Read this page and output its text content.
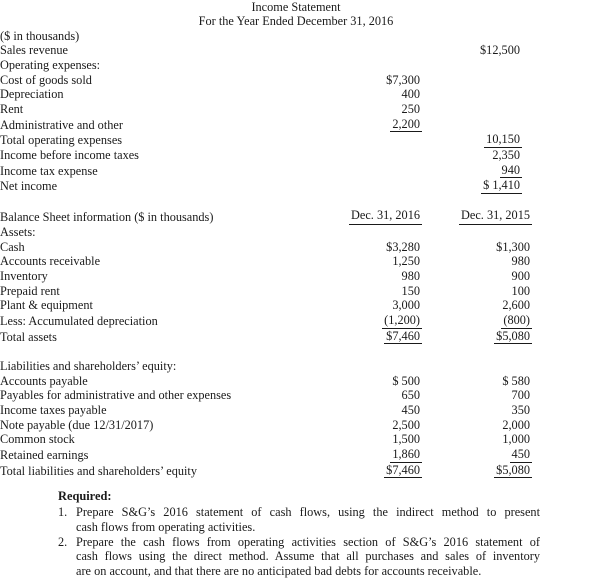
Income Statement
For the Year Ended December 31, 2016
($ in thousands)			
Sales revenue		$12,500	
Operating expenses:			
Cost of goods sold	$7,300		
Depreciation	400		
Rent	250		
Administrative and other	2,200		
Total operating expenses		10,150	
Income before income taxes		2,350	
Income tax expense		940	
Net income		$ 1,410	

Balance Sheet information ($ in thousands)	Dec. 31, 2016	Dec. 31, 2015	
Assets:			
Cash	$3,280	$1,300	
Accounts receivable	1,250	980	
Inventory	980	900	
Prepaid rent	150	100	
Plant & equipment	3,000	2,600	
Less: Accumulated depreciation	(1,200)	(800)	
Total assets	$7,460	$5,080	

Liabilities and shareholders’ equity:			
Accounts payable	$ 500	$ 580	
Payables for administrative and other expenses	650	700	
Income taxes payable	450	350	
Note payable (due 12/31/2017)	2,500	2,000	
Common stock	1,500	1,000	
Retained earnings	1,860	450	
Total liabilities and shareholders’ equity	$7,460	$5,080	
Required:
1. Prepare S&G’s 2016 statement of cash flows, using the indirect method to present
cash flows from operating activities.
2. Prepare the cash flows from operating activities section of S&G’s 2016 statement of
cash flows using the direct method. Assume that all purchases and sales of inventory
are on account, and that there are no anticipated bad debts for accounts receivable.
